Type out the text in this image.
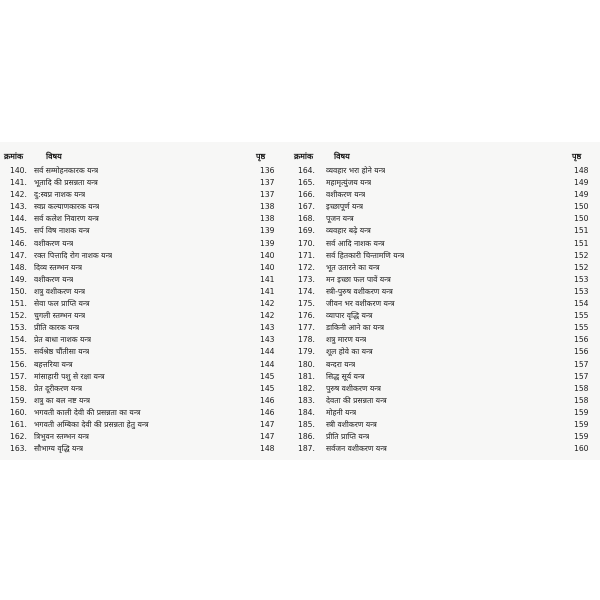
क्रमांक	विषय	पृष्ठ
140. सर्व सम्मोहनकारक यन्त्र	136
141. भूतादि की प्रसन्नता यन्त्र	137
142. दु:स्वप्न नाशक यन्त्र	137
143. स्वप्न कल्याणकारक यन्त्र	138
144. सर्व कलेश निवारण यन्त्र	138
145. सर्प विष नाशक यन्त्र	139
146. वशीकरण यन्त्र	139
147. रक्त पित्तादि रोग नाशक यन्त्र	140
148. दिव्य स्तम्भन यन्त्र	140
149. वशीकरण यन्त्र	141
150. शत्रु वशीकरण यन्त्र	141
151. सेवा फल प्राप्ति यन्त्र	142
152. चुगली स्तम्भन यन्त्र	142
153. प्रीति कारक यन्त्र	143
154. प्रेत बाधा नाशक यन्त्र	143
155. सर्वश्रेष्ठ चौंतीसा यन्त्र	144
156. बहत्तरिया यन्त्र	144
157. मांसाहारी पशु से रक्षा यन्त्र	145
158. प्रेत दूरीकरण यन्त्र	145
159. शत्रु का बल नष्ट यन्त्र	146
160. भगवती काली देवी की प्रसन्नता का यन्त्र	146
161. भगवती अम्बिका देवी की प्रसन्नता हेतु यन्त्र	147
162. त्रिभुवन स्तम्भन यन्त्र	147
163. सौभाग्य वृद्धि यन्त्र	148
क्रमांक	विषय	पृष्ठ
164. व्यवहार भरा होने यन्त्र	148
165. महामृत्युंजय यन्त्र	149
166. वशीकरण यन्त्र	149
167. इच्छापूर्ण यन्त्र	150
168. पूजन यन्त्र	150
169. व्यवहार बढ़े यन्त्र	151
170. सर्व आदि नाशक यन्त्र	151
171. सर्व हितकारी चिन्तामणि यन्त्र	152
172. भूत उतारने का यन्त्र	152
173. मन इच्छा फल पावें यन्त्र	153
174. स्त्री-पुरुष वशीकरण यन्त्र	153
175. जीवन भर वशीकरण यन्त्र	154
176. व्यापार वृद्धि यन्त्र	155
177. डाकिनी आने का यन्त्र	155
178. शत्रु मारण यन्त्र	156
179. शूल होवे का यन्त्र	156
180. बन्दरा यन्त्र	157
181. सिद्ध सूर्य यन्त्र	157
182. पुरुष वशीकरण यन्त्र	158
183. देवता की प्रसन्नता यन्त्र	158
184. मोहनी यन्त्र	159
185. स्त्री वशीकरण यन्त्र	159
186. प्रीति प्राप्ति यन्त्र	159
187. सर्वजन वशीकरण यन्त्र	160
